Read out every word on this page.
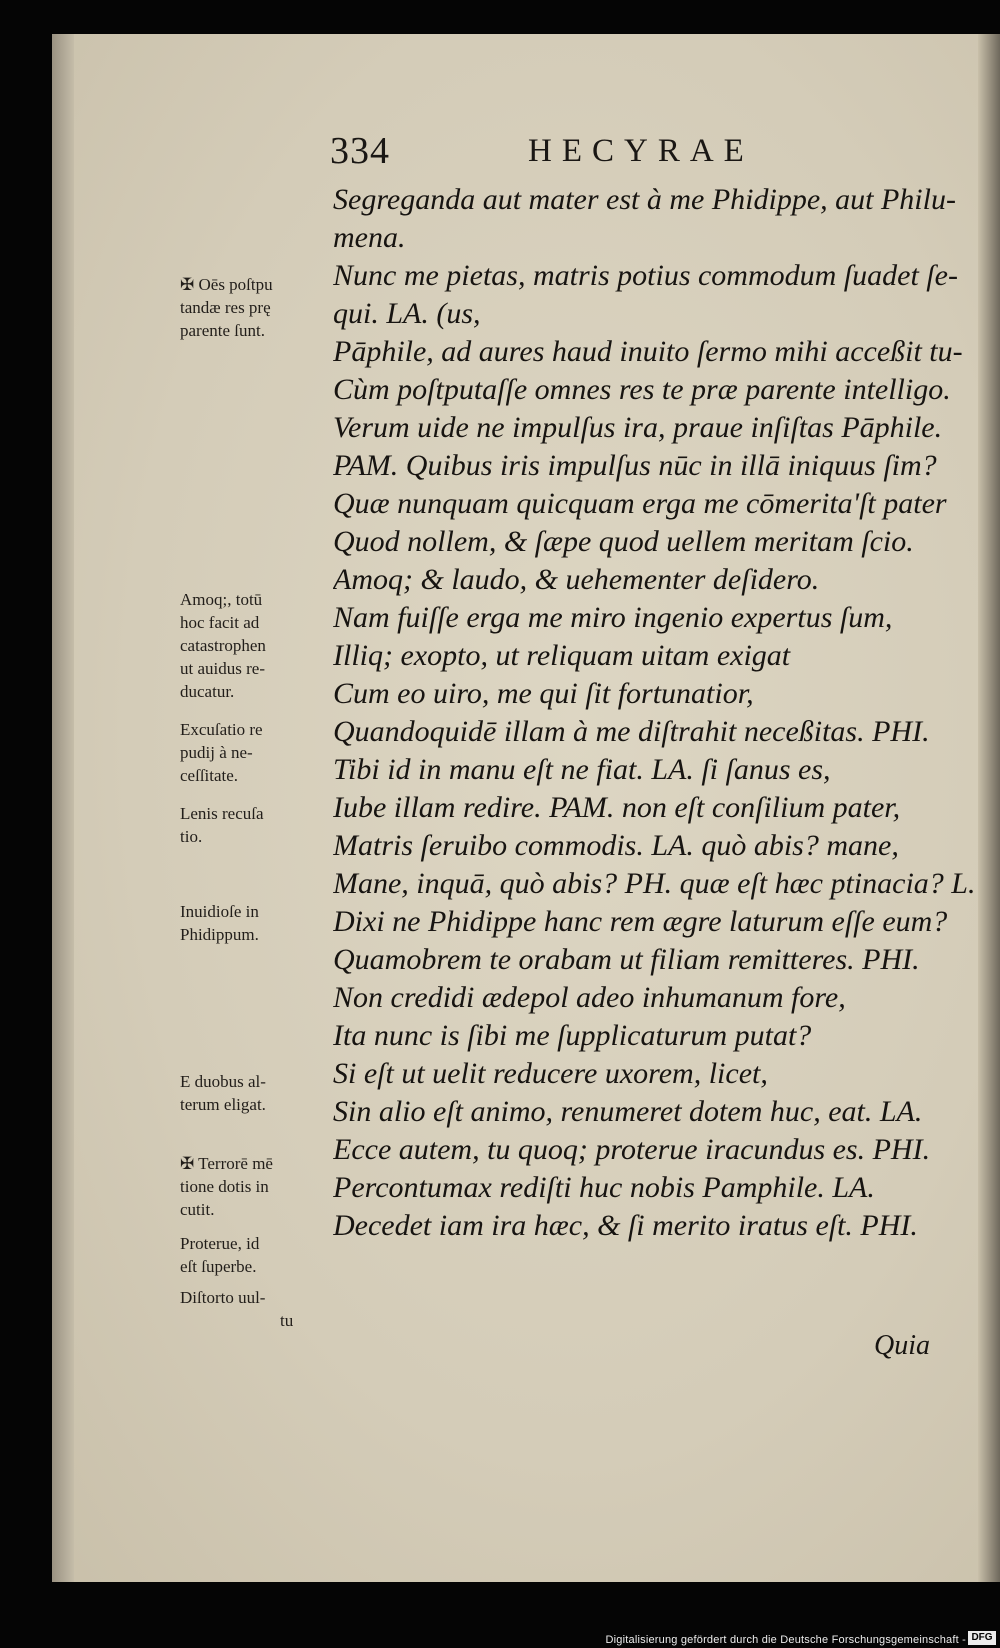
334	HECYRAE
Segregandа aut mater est à me Phidippe, aut Philu-
mena.
Nunc me pietas, matris potius commodum ſuadet ſe-
qui. LA. (us,
Pāphile, ad aures haud inuito ſermo mihi acceßit tu-
Cùm poſtputaſſe omnes res te præ parente intelligo.
Verum uide ne impulſus ira, praue inſiſtas Pāphile.
PAM. Quibus iris impulſus nūc in illā iniquus ſim?
Quæ nunquam quicquam erga me cōmerita'ſt pater
Quod nollem, & ſæpe quod uellem meritam ſcio.
Amoq; & laudo, & uehementer deſidero.
Nam fuiſſe erga me miro ingenio expertus ſum,
Illiq; exopto, ut reliquam uitam exigat
Cum eo uiro, me qui ſit fortunatior,
Quandoquidē illam à me diſtrahit neceßitas. PHI.
Tibi id in manu eſt ne fiat. LA. ſi ſanus es,
Iube illam redire. PAM. non eſt conſilium pater,
Matris ſeruibo commodis. LA. quò abis? mane,
Mane, inquā, quò abis? PH. quæ eſt hæc ptinacia? L.
Dixi ne Phidippe hanc rem ægre laturum eſſe eum?
Quamobrem te orabam ut filiam remitteres. PHI.
Non credidi ædepol adeo inhumanum fore,
Ita nunc is ſibi me ſupplicaturum putat?
Si eſt ut uelit reducere uxorem, licet,
Sin alio eſt animo, renumeret dotem huc, eat. LA.
Ecce autem, tu quoq; proterue iracundus es. PHI.
Percontumax rediſti huc nobis Pamphile. LA.
Decedet iam ira hæc, & ſi merito iratus eſt. PHI.
Quia
✠ Oēs poſtpu
tandæ res prę
parente ſunt.
Amoq;, totū
hoc facit ad
catastrophen
ut auidus re-
ducatur.
Excuſatio re
pudij à ne-
ceſſitate.
Lenis recuſa
tio.
Inuidioſe in
Phidippum.
E duobus al-
terum eligat.
✠ Terrorē mē
tione dotis in
cutit.
Proterue, id
eſt ſuperbe.
Diſtorto uul-
tu
Digitalisierung gefördert durch die Deutsche Forschungsgemeinschaft - DFG
